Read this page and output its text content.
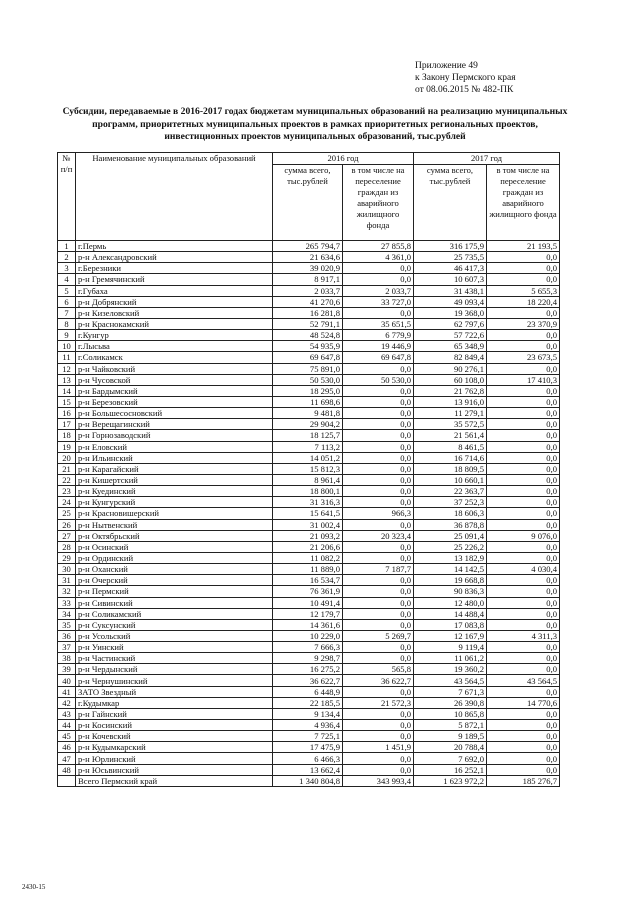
Приложение 49
к Закону Пермского края
от 08.06.2015 № 482-ПК
Субсидии, передаваемые в 2016-2017 годах бюджетам муниципальных образований на реализацию муниципальных программ, приоритетных муниципальных проектов в рамках приоритетных региональных проектов, инвестиционных проектов муниципальных образований, тыс.рублей
№ п/п	Наименование муниципальных образований	2016 год		2017 год	
		сумма всего, тыс.рублей	в том числе на переселение граждан из аварийного жилищного фонда	сумма всего, тыс.рублей	в том числе на переселение граждан из аварийного жилищного фонда
1	г.Пермь	265 794,7	27 855,8	316 175,9	21 193,5
2	р-н Александровский	21 634,6	4 361,0	25 735,5	0,0
3	г.Березники	39 020,9	0,0	46 417,3	0,0
4	р-н Гремячинский	8 917,1	0,0	10 607,3	0,0
5	г.Губаха	2 033,7	2 033,7	31 438,1	5 655,3
6	р-н Добрянский	41 270,6	33 727,0	49 093,4	18 220,4
7	р-н Кизеловский	16 281,8	0,0	19 368,0	0,0
8	р-н Краснокамский	52 791,1	35 651,5	62 797,6	23 370,9
9	г.Кунгур	48 524,8	6 779,9	57 722,6	0,0
10	г.Лысьва	54 935,9	19 446,9	65 348,9	0,0
11	г.Соликамск	69 647,8	69 647,8	82 849,4	23 673,5
12	р-н Чайковский	75 891,0	0,0	90 276,1	0,0
13	р-н Чусовской	50 530,0	50 530,0	60 108,0	17 410,3
14	р-н Бардымский	18 295,0	0,0	21 762,8	0,0
15	р-н Березовский	11 698,6	0,0	13 916,0	0,0
16	р-н Большесосновский	9 481,8	0,0	11 279,1	0,0
17	р-н Верещагинский	29 904,2	0,0	35 572,5	0,0
18	р-н Горнозаводский	18 125,7	0,0	21 561,4	0,0
19	р-н Еловский	7 113,2	0,0	8 461,5	0,0
20	р-н Ильинский	14 051,2	0,0	16 714,6	0,0
21	р-н Карагайский	15 812,3	0,0	18 809,5	0,0
22	р-н Кишертский	8 961,4	0,0	10 660,1	0,0
23	р-н Куединский	18 800,1	0,0	22 363,7	0,0
24	р-н Кунгурский	31 316,3	0,0	37 252,3	0,0
25	р-н Красновишерский	15 641,5	966,3	18 606,3	0,0
26	р-н Нытвенский	31 002,4	0,0	36 878,8	0,0
27	р-н Октябрьский	21 093,2	20 323,4	25 091,4	9 076,0
28	р-н Осинский	21 206,6	0,0	25 226,2	0,0
29	р-н Ординский	11 082,2	0,0	13 182,9	0,0
30	р-н Оханский	11 889,0	7 187,7	14 142,5	4 030,4
31	р-н Очерский	16 534,7	0,0	19 668,8	0,0
32	р-н Пермский	76 361,9	0,0	90 836,3	0,0
33	р-н Сивинский	10 491,4	0,0	12 480,0	0,0
34	р-н Соликамский	12 179,7	0,0	14 488,4	0,0
35	р-н Суксунский	14 361,6	0,0	17 083,8	0,0
36	р-н Усольский	10 229,0	5 269,7	12 167,9	4 311,3
37	р-н Уинский	7 666,3	0,0	9 119,4	0,0
38	р-н Частинский	9 298,7	0,0	11 061,2	0,0
39	р-н Чердынский	16 275,2	565,8	19 360,2	0,0
40	р-н Чернушинский	36 622,7	36 622,7	43 564,5	43 564,5
41	ЗАТО Звездный	6 448,9	0,0	7 671,3	0,0
42	г.Кудымкар	22 185,5	21 572,3	26 390,8	14 770,6
43	р-н Гайнский	9 134,4	0,0	10 865,8	0,0
44	р-н Косинский	4 936,4	0,0	5 872,1	0,0
45	р-н Кочевский	7 725,1	0,0	9 189,5	0,0
46	р-н Кудымкарский	17 475,9	1 451,9	20 788,4	0,0
47	р-н Юрлинский	6 466,3	0,0	7 692,0	0,0
48	р-н Юсьвинский	13 662,4	0,0	16 252,1	0,0
	Всего Пермский край	1 340 804,8	343 993,4	1 623 972,2	185 276,7
2430-15
